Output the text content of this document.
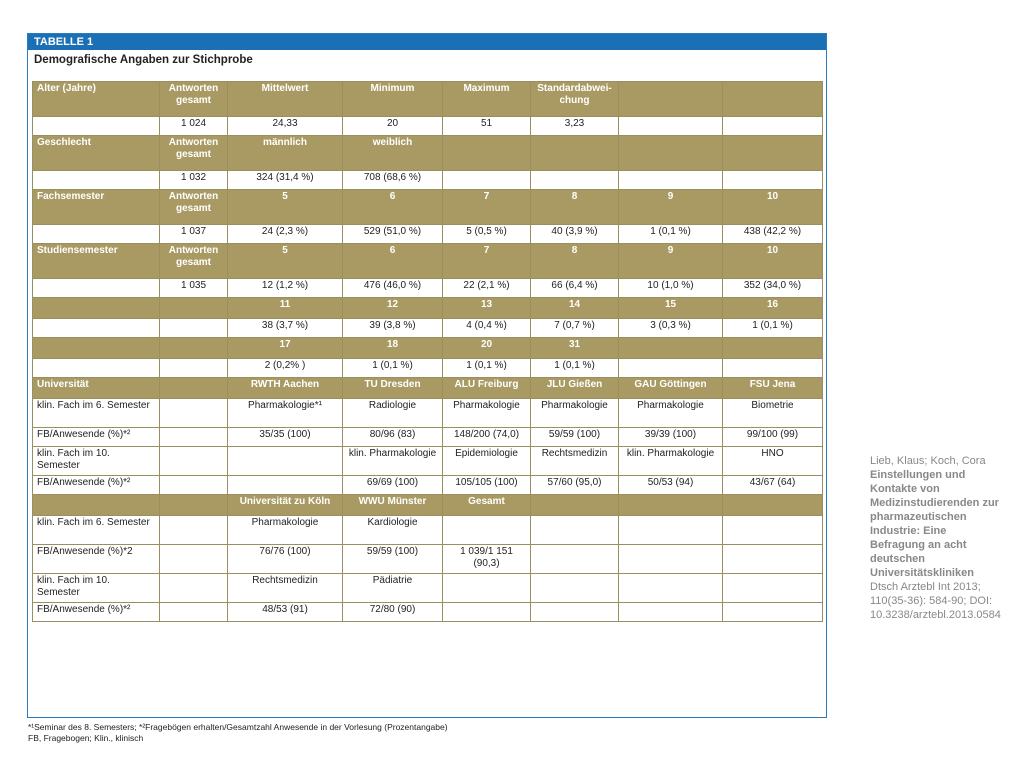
TABELLE 1
Demografische Angaben zur Stichprobe
Alter (Jahre)	Antworten gesamt	Mittelwert	Minimum	Maximum	Standardabwei-chung		
	1 024	24,33	20	51	3,23		
Geschlecht	Antworten gesamt	männlich	weiblich				
	1 032	324 (31,4 %)	708 (68,6 %)				
Fachsemester	Antworten gesamt	5	6	7	8	9	10
	1 037	24 (2,3 %)	529 (51,0 %)	5 (0,5 %)	40 (3,9 %)	1 (0,1 %)	438 (42,2 %)
Studiensemester	Antworten gesamt	5	6	7	8	9	10
	1 035	12 (1,2 %)	476 (46,0 %)	22 (2,1 %)	66 (6,4 %)	10 (1,0 %)	352 (34,0 %)
		11	12	13	14	15	16
		38 (3,7 %)	39 (3,8 %)	4 (0,4 %)	7 (0,7 %)	3 (0,3 %)	1 (0,1 %)
		17	18	20	31		
		2 (0,2% )	1 (0,1 %)	1 (0,1 %)	1 (0,1 %)		
Universität		RWTH Aachen	TU Dresden	ALU Freiburg	JLU Gießen	GAU Göttingen	FSU Jena
klin. Fach im 6. Semester		Pharmakologie*¹	Radiologie	Pharmakologie	Pharmakologie	Pharmakologie	Biometrie
FB/Anwesende (%)*²		35/35 (100)	80/96 (83)	148/200 (74,0)	59/59 (100)	39/39 (100)	99/100 (99)
klin. Fach im 10. Semester			klin. Pharmakologie	Epidemiologie	Rechtsmedizin	klin. Pharmakologie	HNO
FB/Anwesende (%)*²			69/69 (100)	105/105 (100)	57/60 (95,0)	50/53 (94)	43/67 (64)
		Universität zu Köln	WWU Münster	Gesamt			
klin. Fach im 6. Semester		Pharmakologie	Kardiologie				
FB/Anwesende (%)*2		76/76 (100)	59/59 (100)	1 039/1 151 (90,3)			
klin. Fach im 10. Semester		Rechtsmedizin	Pädiatrie				
FB/Anwesende (%)*²		48/53 (91)	72/80 (90)				
*¹Seminar des 8. Semesters; *²Fragebögen erhalten/Gesamtzahl Anwesende in der Vorlesung (Prozentangabe)
FB, Fragebogen; Klin., klinisch
Lieb, Klaus; Koch, Cora
Einstellungen und Kontakte von Medizinstudierenden zur pharmazeutischen Industrie: Eine Befragung an acht deutschen Universitätskliniken
Dtsch Arztebl Int 2013; 110(35-36): 584-90; DOI: 10.3238/arztebl.2013.0584
